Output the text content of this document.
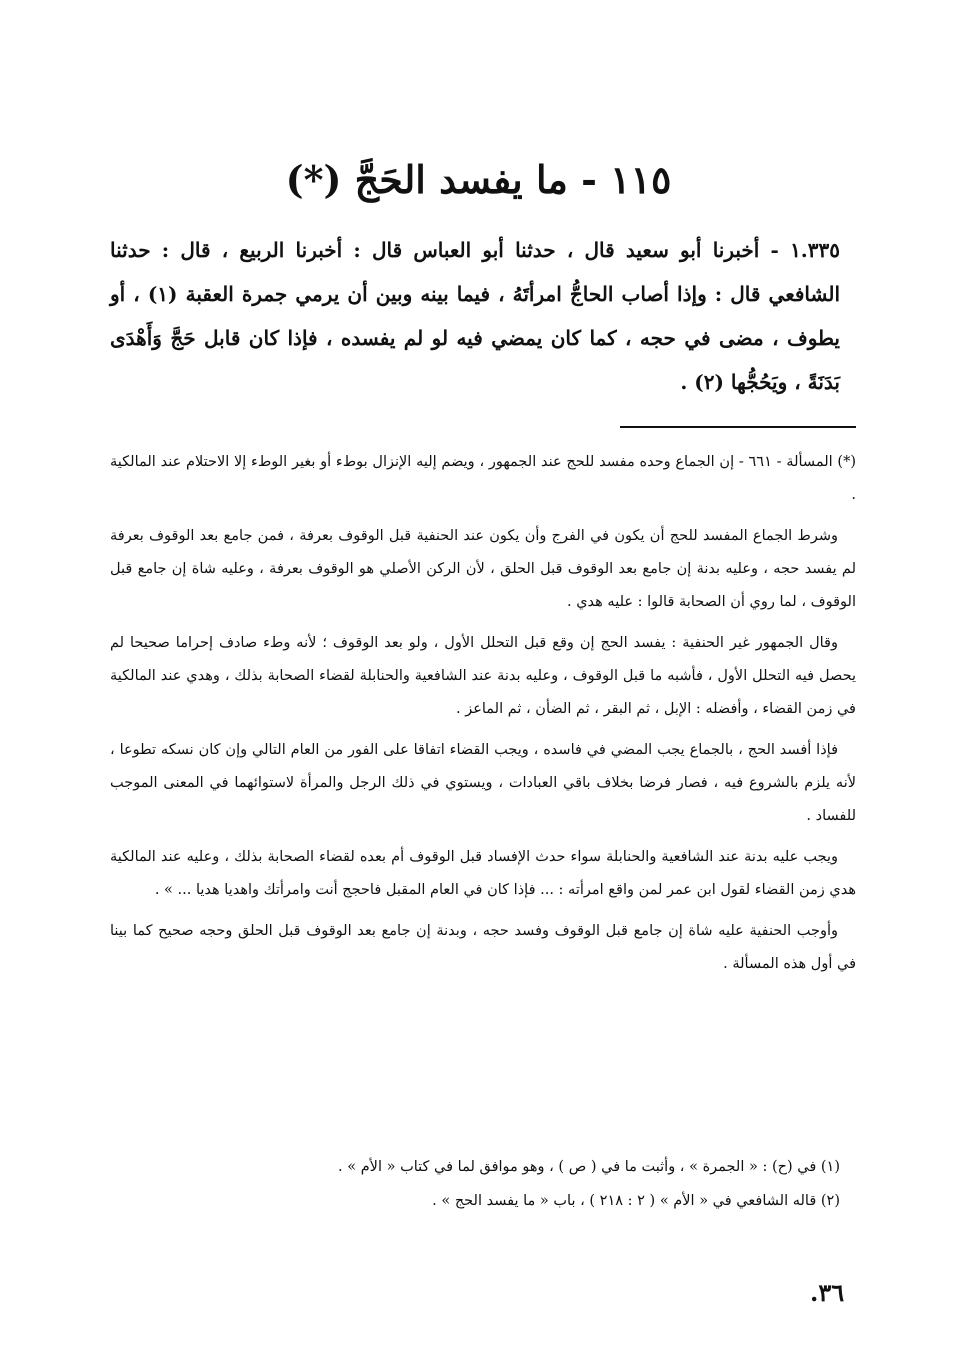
١١٥ - ما يفسد الحَجَّ (*)

١.٣٣٥ - أخبرنا أبو سعيد قال ، حدثنا أبو العباس قال : أخبرنا الربيع ، قال : حدثنا الشافعي قال : وإذا أصاب الحاجُّ امرأتَهُ ، فيما بينه وبين أن يرمي جمرة العقبة (١) ، أو يطوف ، مضى في حجه ، كما كان يمضي فيه لو لم يفسده ، فإذا كان قابل حَجَّ وَأَهْدَى بَدَنَةً ، ويَحُجُّها (٢) .

(*) المسألة - ٦٦١ - إن الجماع وحده مفسد للحج عند الجمهور ، ويضم إليه الإنزال بوطء أو بغير الوطء إلا الاحتلام عند المالكية .

وشرط الجماع المفسد للحج أن يكون في الفرج وأن يكون عند الحنفية قبل الوقوف بعرفة ، فمن جامع بعد الوقوف بعرفة لم يفسد حجه ، وعليه بدنة إن جامع بعد الوقوف قبل الحلق ، لأن الركن الأصلي هو الوقوف بعرفة ، وعليه شاة إن جامع قبل الوقوف ، لما روي أن الصحابة قالوا : عليه هدي .

وقال الجمهور غير الحنفية : يفسد الحج إن وقع قبل التحلل الأول ، ولو بعد الوقوف ؛ لأنه وطء صادف إحراما صحيحا لم يحصل فيه التحلل الأول ، فأشبه ما قبل الوقوف ، وعليه بدنة عند الشافعية والحنابلة لقضاء الصحابة بذلك ، وهدي عند المالكية في زمن القضاء ، وأفضله : الإبل ، ثم البقر ، ثم الضأن ، ثم الماعز .

فإذا أفسد الحج ، بالجماع يجب المضي في فاسده ، ويجب القضاء اتفاقا على الفور من العام التالي وإن كان نسكه تطوعا ، لأنه يلزم بالشروع فيه ، فصار فرضا بخلاف باقي العبادات ، ويستوي في ذلك الرجل والمرأة لاستوائهما في المعنى الموجب للفساد .

ويجب عليه بدنة عند الشافعية والحنابلة سواء حدث الإفساد قبل الوقوف أم بعده لقضاء الصحابة بذلك ، وعليه عند المالكية هدي زمن القضاء لقول ابن عمر لمن واقع امرأته : ... فإذا كان في العام المقبل فاحجج أنت وامرأتك واهديا هديا ... » .

وأوجب الحنفية عليه شاة إن جامع قبل الوقوف وفسد حجه ، وبدنة إن جامع بعد الوقوف قبل الحلق وحجه صحيح كما بينا في أول هذه المسألة .

(١) في (ح) : « الجمرة » ، وأثبت ما في ( ص ) ، وهو موافق لما في كتاب « الأم » .
(٢) قاله الشافعي في « الأم » ( ٢ : ٢١٨ ) ، باب « ما يفسد الحج » .
٣٦.
